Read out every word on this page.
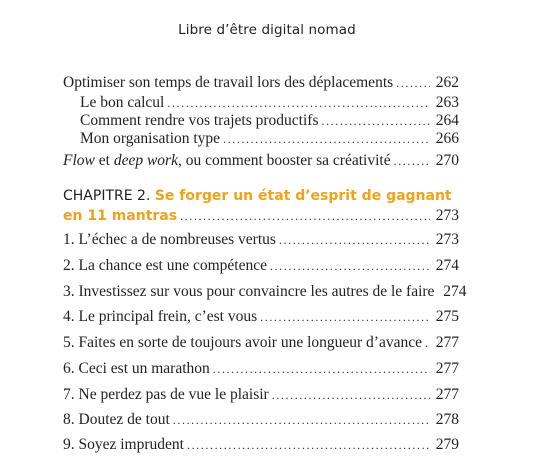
Libre d’être digital nomad
Optimiser son temps de travail lors des déplacements .....	262
Le bon calcul .....	263
Comment rendre vos trajets productifs .....	264
Mon organisation type .....	266
Flow et deep work, ou comment booster sa créativité .....	270
CHAPITRE 2. Se forger un état d’esprit de gagnant
en 11 mantras .....	273
1. L’échec a de nombreuses vertus .....	273
2. La chance est une compétence .....	274
3. Investissez sur vous pour convaincre les autres de le faire 274
4. Le principal frein, c’est vous .....	275
5. Faites en sorte de toujours avoir une longueur d’avance ..... 277
6. Ceci est un marathon .....	277
7. Ne perdez pas de vue le plaisir .....	277
8. Doutez de tout .....	278
9. Soyez imprudent .....	279
